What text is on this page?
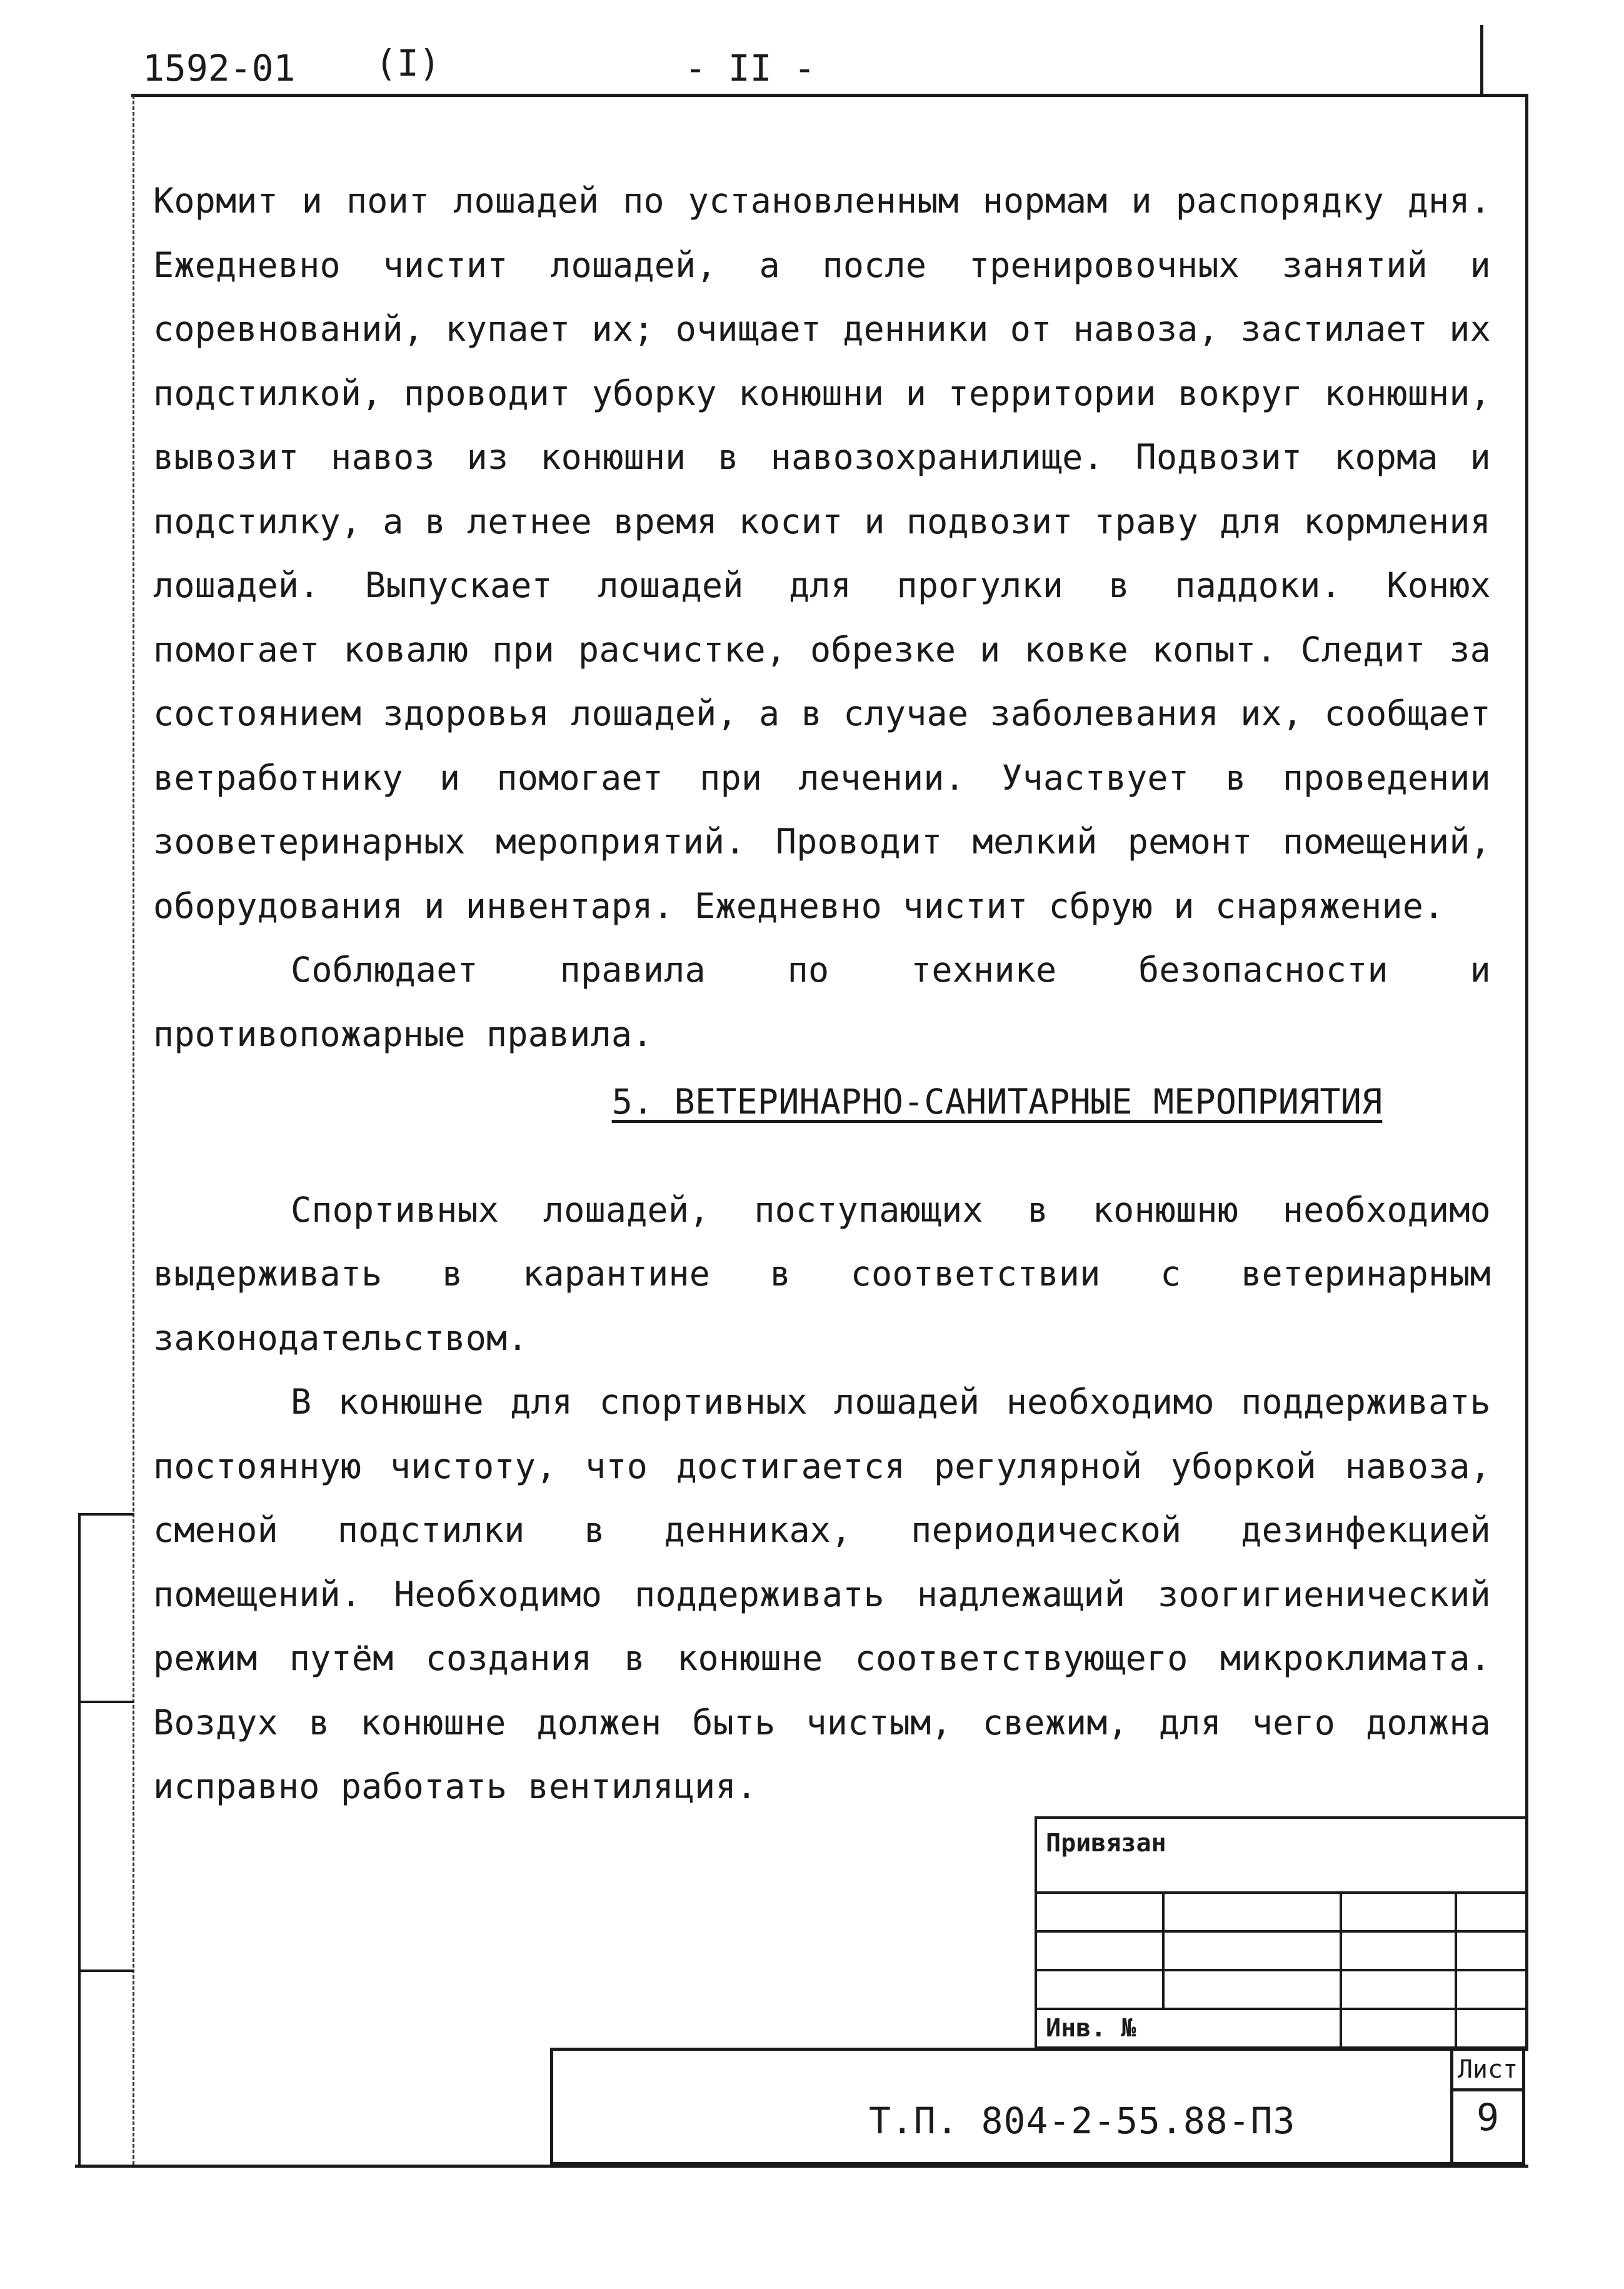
1592-01 (I)	- II -

Кормит и поит лошадей по установленным нормам и распорядку дня. Ежедневно чистит лошадей, а после тренировочных занятий и соревнований, купает их; очищает денники от навоза, застилает их подстилкой, проводит уборку конюшни и территории вокруг конюшни, вывозит навоз из конюшни в навозохранилище. Подвозит корма и подстилку, а в летнее время косит и подвозит траву для кормления лошадей. Выпускает лошадей для прогулки в паддоки. Конюх помогает ковалю при расчистке, обрезке и ковке копыт. Следит за состоянием здоровья лошадей, а в случае заболевания их, сообщает ветработнику и помогает при лечении. Участвует в проведении зооветеринарных мероприятий. Проводит мелкий ремонт помещений, оборудования и инвентаря. Ежедневно чистит сбрую и снаряжение.

Соблюдает правила по технике безопасности и противопожарные правила.

5. ВЕТЕРИНАРНО-САНИТАРНЫЕ МЕРОПРИЯТИЯ

Спортивных лошадей, поступающих в конюшню необходимо выдерживать в карантине в соответствии с ветеринарным законодательством.

В конюшне для спортивных лошадей необходимо поддерживать постоянную чистоту, что достигается регулярной уборкой навоза, сменой подстилки в денниках, периодической дезинфекцией помещений. Необходимо поддерживать надлежащий зоогигиенический режим путём создания в конюшне соответствующего микроклимата. Воздух в конюшне должен быть чистым, свежим, для чего должна исправно работать вентиляция.

Привязан			

Инв. №			
Т.П. 804-2-55.88-ПЗ
Лист
9
